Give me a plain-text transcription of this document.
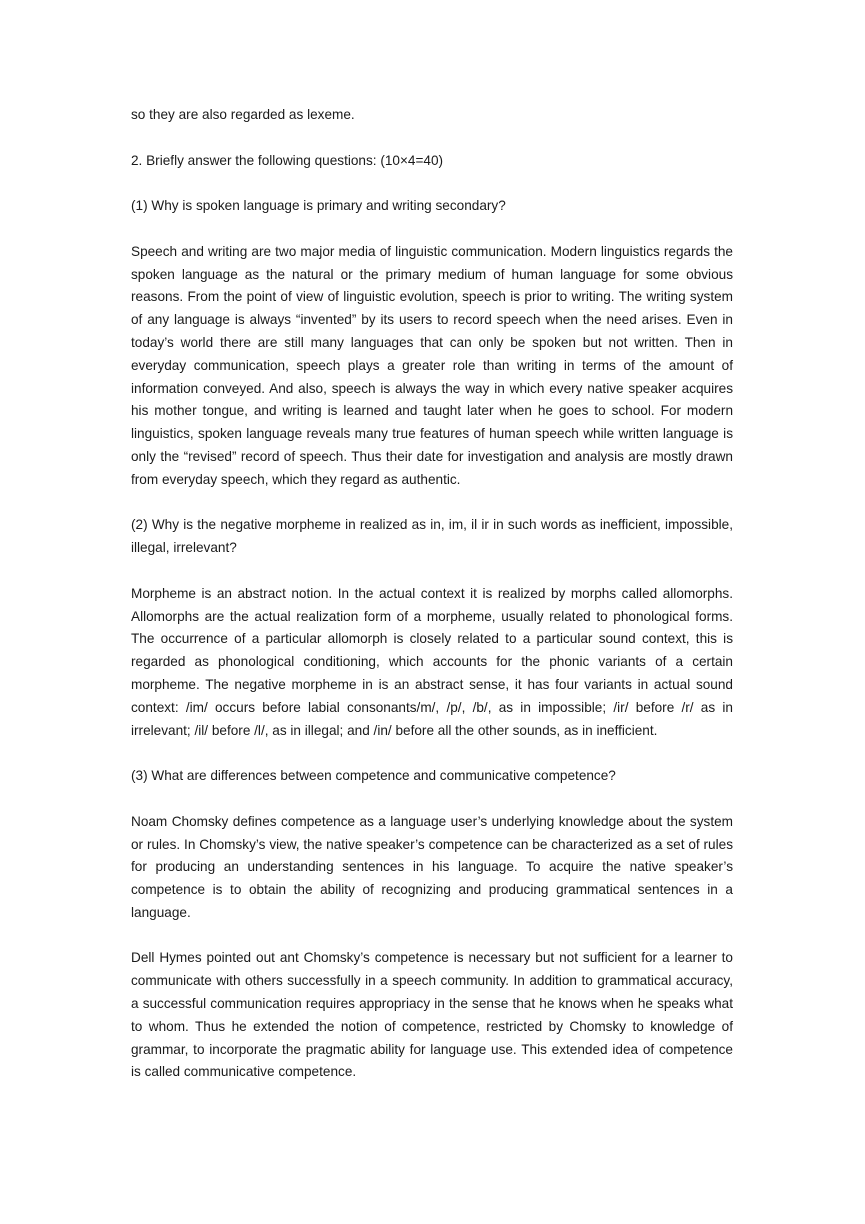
so they are also regarded as lexeme.

2. Briefly answer the following questions: (10×4=40)

(1) Why is spoken language is primary and writing secondary?

Speech and writing are two major media of linguistic communication. Modern linguistics regards the spoken language as the natural or the primary medium of human language for some obvious reasons. From the point of view of linguistic evolution, speech is prior to writing. The writing system of any language is always “invented” by its users to record speech when the need arises. Even in today’s world there are still many languages that can only be spoken but not written. Then in everyday communication, speech plays a greater role than writing in terms of the amount of information conveyed. And also, speech is always the way in which every native speaker acquires his mother tongue, and writing is learned and taught later when he goes to school. For modern linguistics, spoken language reveals many true features of human speech while written language is only the “revised” record of speech. Thus their date for investigation and analysis are mostly drawn from everyday speech, which they regard as authentic.

(2) Why is the negative morpheme in realized as in, im, il ir in such words as inefficient, impossible, illegal, irrelevant?

Morpheme is an abstract notion. In the actual context it is realized by morphs called allomorphs. Allomorphs are the actual realization form of a morpheme, usually related to phonological forms. The occurrence of a particular allomorph is closely related to a particular sound context, this is regarded as phonological conditioning, which accounts for the phonic variants of a certain morpheme. The negative morpheme in is an abstract sense, it has four variants in actual sound context: /im/ occurs before labial consonants/m/, /p/, /b/, as in impossible; /ir/ before /r/ as in irrelevant; /il/ before /l/, as in illegal; and /in/ before all the other sounds, as in inefficient.

(3) What are differences between competence and communicative competence?

Noam Chomsky defines competence as a language user’s underlying knowledge about the system or rules. In Chomsky’s view, the native speaker’s competence can be characterized as a set of rules for producing an understanding sentences in his language. To acquire the native speaker’s competence is to obtain the ability of recognizing and producing grammatical sentences in a language.

Dell Hymes pointed out ant Chomsky’s competence is necessary but not sufficient for a learner to communicate with others successfully in a speech community. In addition to grammatical accuracy, a successful communication requires appropriacy in the sense that he knows when he speaks what to whom. Thus he extended the notion of competence, restricted by Chomsky to knowledge of grammar, to incorporate the pragmatic ability for language use. This extended idea of competence is called communicative competence.
